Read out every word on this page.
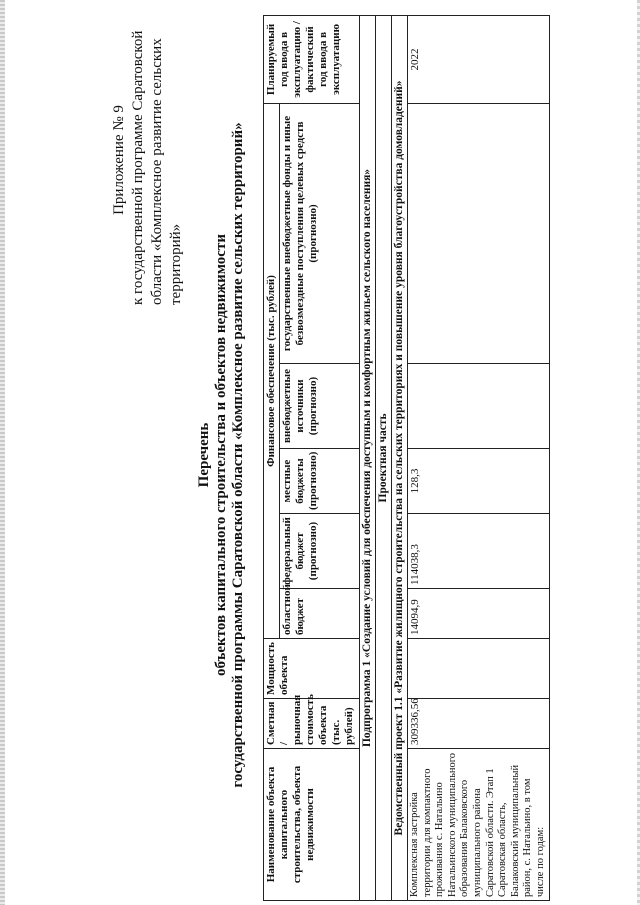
Приложение № 9 к государственной программе Саратовской области «Комплексное развитие сельских территорий»
Перечень объектов капитального строительства и объектов недвижимости государственной программы Саратовской области «Комплексное развитие сельских территорий»
Наименование объекта капитального строительства, объекта недвижимости	Сметная / рыночная стоимость объекта (тыс. рублей)	Мощность объекта	Финансовое обеспечение (тыс. рублей)					Планируемый год ввода в эксплуатацию / фактический год ввода в эксплуатацию
			областной бюджет	федеральный бюджет (прогнозно)	местные бюджеты (прогнозно)	внебюджетные источники (прогнозно)	государственные внебюджетные фонды и иные безвозмездные поступления целевых средств (прогнозно)	
Подпрограмма 1 «Создание условий для обеспечения доступным и комфортным жильем сельского населения»								
Проектная часть								
Ведомственный проект 1.1 «Развитие жилищного строительства на сельских территориях и повышение уровня благоустройства домовладений»								
Комплексная застройка территории для компактного проживания с. Натальино Натальинского муниципального образования Балаковского муниципального района Саратовской области. Этап 1 Саратовская область, Балаковский муниципальный район, с. Натальино, в том числе по годам:	309336,56		14094,9	114038,3	128,3			2022
